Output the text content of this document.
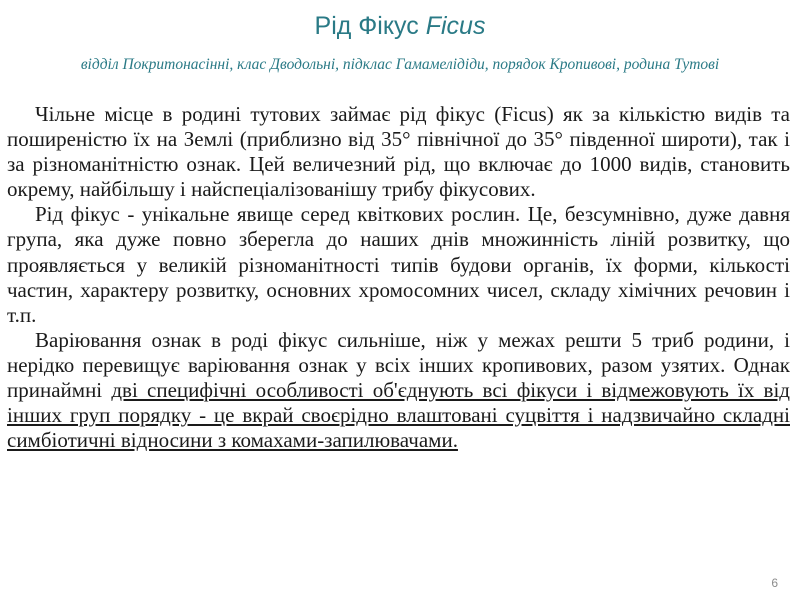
Рід Фікус Ficus
відділ Покритонасінні, клас Дводольні, підклас Гамамелідіди, порядок Кропивові, родина Тутові

Чільне місце в родині тутових займає рід фікус (Ficus) як за кількістю видів та поширеністю їх на Землі (приблизно від 35° північної до 35° південної широти), так і за різноманітністю ознак. Цей величезний рід, що включає до 1000 видів, становить окрему, найбільшу і найспеціалізованішу трибу фікусових.

Рід фікус - унікальне явище серед квіткових рослин. Це, безсумнівно, дуже давня група, яка дуже повно зберегла до наших днів множинність ліній розвитку, що проявляється у великій різноманітності типів будови органів, їх форми, кількості частин, характеру розвитку, основних хромосомних чисел, складу хімічних речовин і т.п.

Варіювання ознак в роді фікус сильніше, ніж у межах решти 5 триб родини, і нерідко перевищує варіювання ознак у всіх інших кропивових, разом узятих. Однак принаймні дві специфічні особливості об'єднують всі фікуси і відмежовують їх від інших груп порядку - це вкрай своєрідно влаштовані суцвіття і надзвичайно складні симбіотичні відносини з комахами-запилювачами.

6
